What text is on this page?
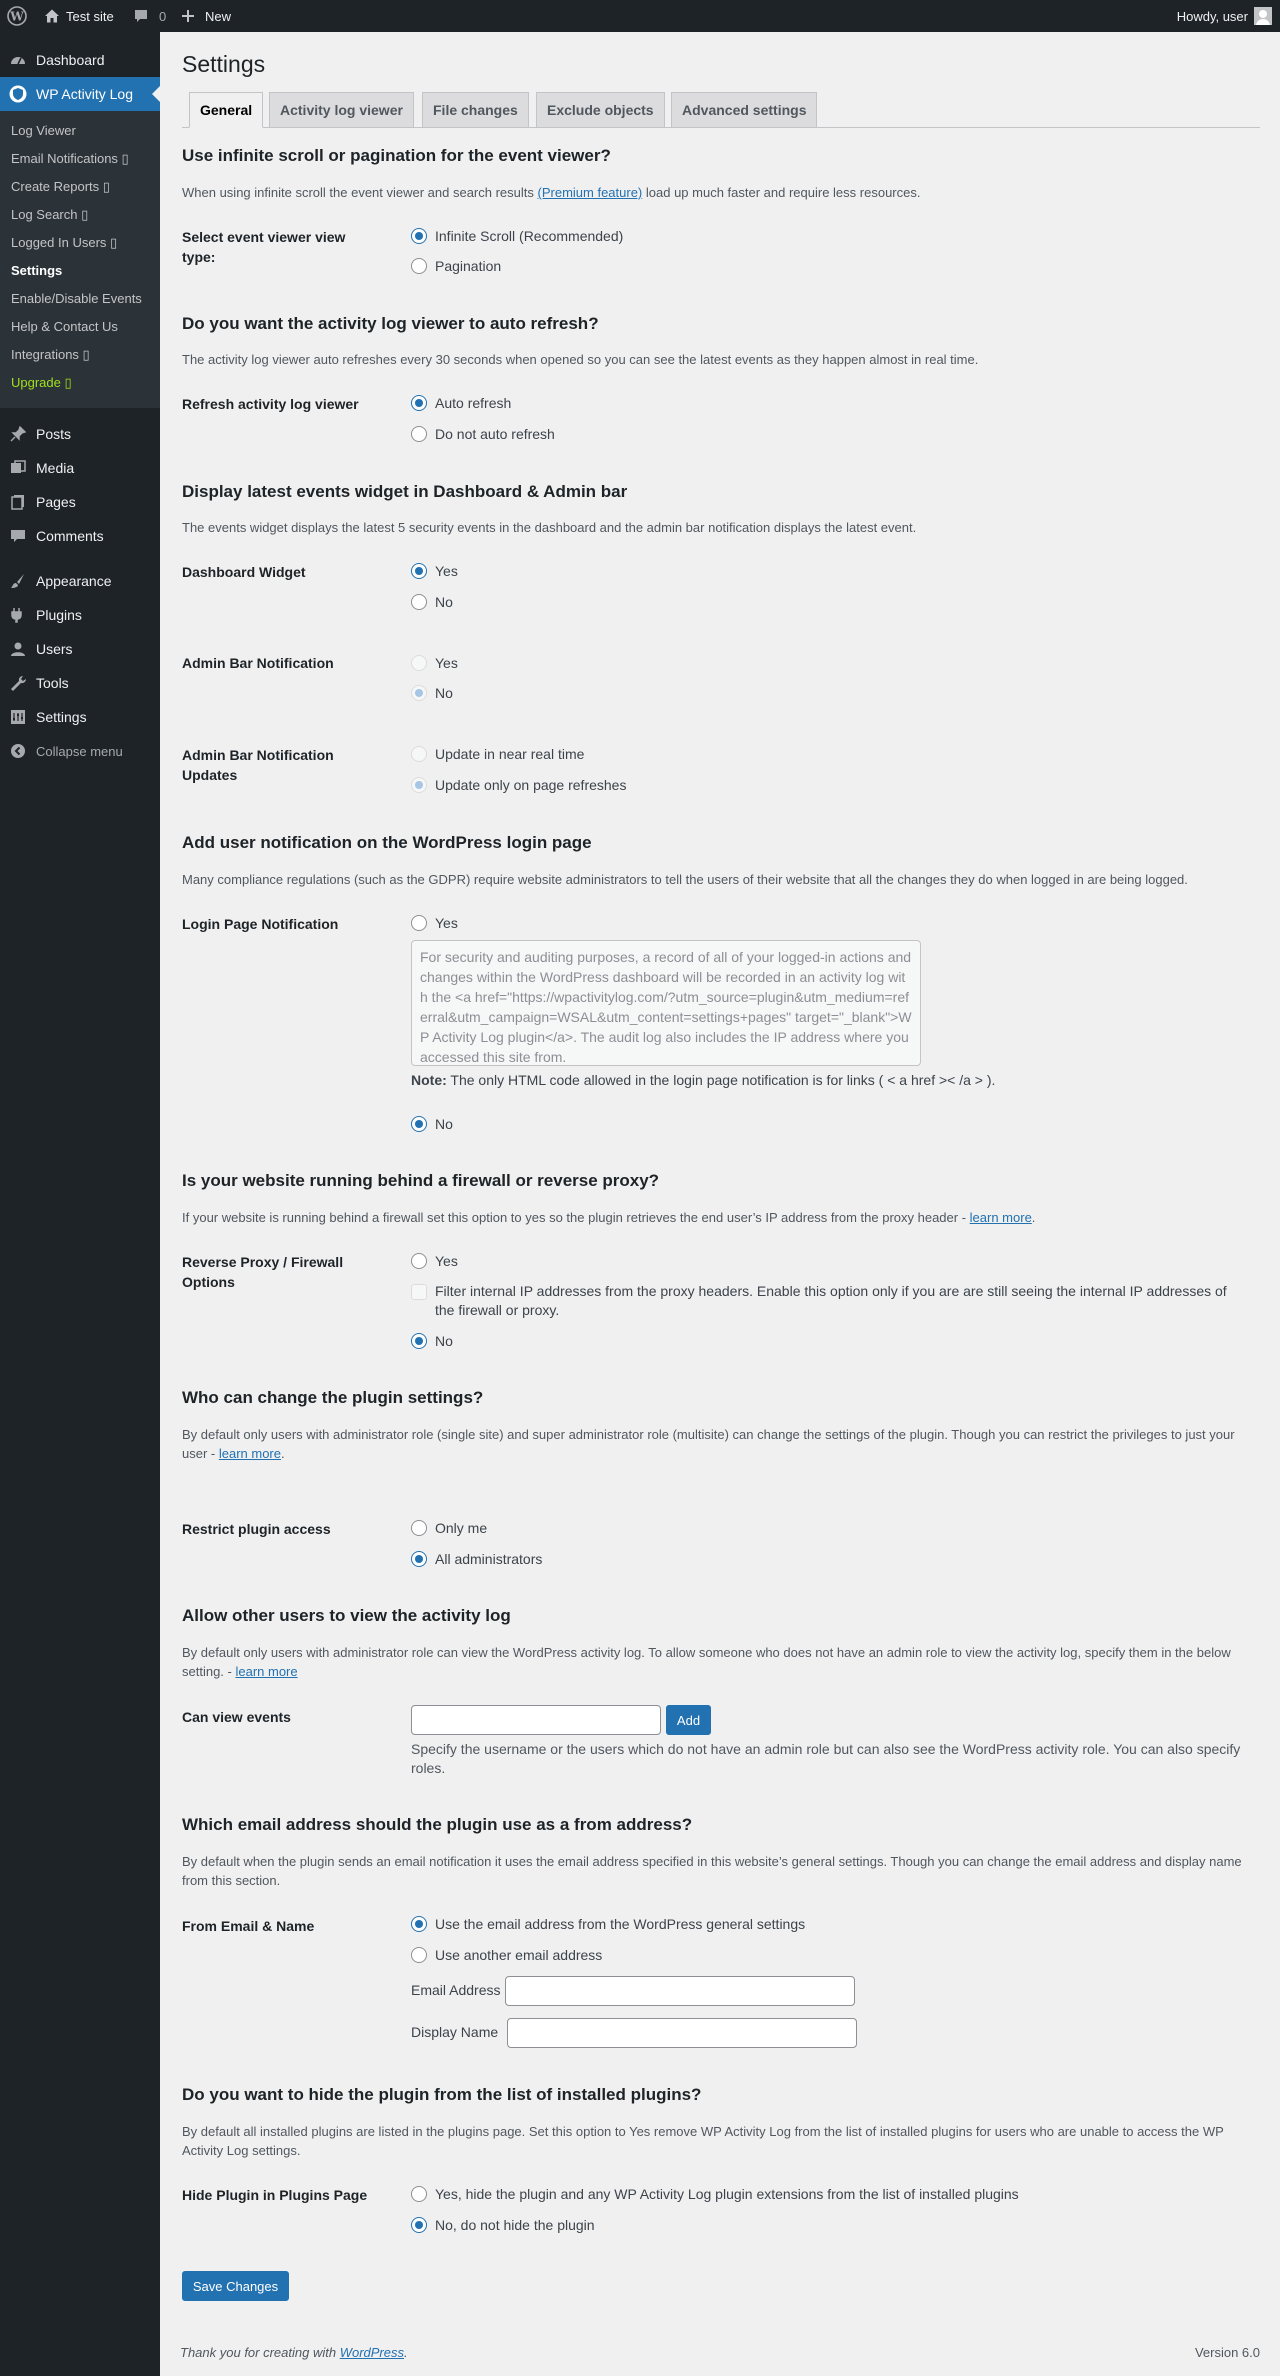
W	Test site	0	New	Howdy, user
Dashboard
WP Activity Log
Log Viewer
Email Notifications ▯
Create Reports ▯
Log Search ▯
Logged In Users ▯
Settings
Enable/Disable Events
Help & Contact Us
Integrations ▯
Upgrade ▯
Posts
Media
Pages
Comments
Appearance
Plugins
Users
Tools
Settings
Collapse menu
Settings
General	Activity log viewer	File changes	Exclude objects	Advanced settings
Use infinite scroll or pagination for the event viewer?
When using infinite scroll the event viewer and search results (Premium feature) load up much faster and require less resources.
Select event viewer view type:
Infinite Scroll (Recommended)
Pagination
Do you want the activity log viewer to auto refresh?
The activity log viewer auto refreshes every 30 seconds when opened so you can see the latest events as they happen almost in real time.
Refresh activity log viewer	Auto refresh
Do not auto refresh
Display latest events widget in Dashboard & Admin bar
The events widget displays the latest 5 security events in the dashboard and the admin bar notification displays the latest event.
Dashboard Widget	Yes
No
Admin Bar Notification	Yes
No
Admin Bar Notification Updates
Update in near real time
Update only on page refreshes
Add user notification on the WordPress login page
Many compliance regulations (such as the GDPR) require website administrators to tell the users of their website that all the changes they do when logged in are being logged.
Login Page Notification	Yes
For security and auditing purposes, a record of all of your logged-in actions and changes within the WordPress dashboard will be recorded in an activity log with the <a href="https://wpactivitylog.com/?utm_source=plugin&utm_medium=referral&utm_campaign=WSAL&utm_content=settings+pages" target="_blank">WP Activity Log plugin</a>. The audit log also includes the IP address where you accessed this site from.
Note: The only HTML code allowed in the login page notification is for links ( < a href >< /a > ).
No
Is your website running behind a firewall or reverse proxy?
If your website is running behind a firewall set this option to yes so the plugin retrieves the end user’s IP address from the proxy header - learn more.
Reverse Proxy / Firewall Options
Yes
Filter internal IP addresses from the proxy headers. Enable this option only if you are are still seeing the internal IP addresses of the firewall or proxy.
No
Who can change the plugin settings?
By default only users with administrator role (single site) and super administrator role (multisite) can change the settings of the plugin. Though you can restrict the privileges to just your user - learn more.
Restrict plugin access	Only me
All administrators
Allow other users to view the activity log
By default only users with administrator role can view the WordPress activity log. To allow someone who does not have an admin role to view the activity log, specify them in the below setting. - learn more
Can view events	Add
Specify the username or the users which do not have an admin role but can also see the WordPress activity role. You can also specify roles.
Which email address should the plugin use as a from address?
By default when the plugin sends an email notification it uses the email address specified in this website’s general settings. Though you can change the email address and display name from this section.
From Email & Name	Use the email address from the WordPress general settings
Use another email address
Email Address
Display Name
Do you want to hide the plugin from the list of installed plugins?
By default all installed plugins are listed in the plugins page. Set this option to Yes remove WP Activity Log from the list of installed plugins for users who are unable to access the WP Activity Log settings.
Hide Plugin in Plugins Page	Yes, hide the plugin and any WP Activity Log plugin extensions from the list of installed plugins
No, do not hide the plugin
Save Changes
Thank you for creating with WordPress.	Version 6.0
